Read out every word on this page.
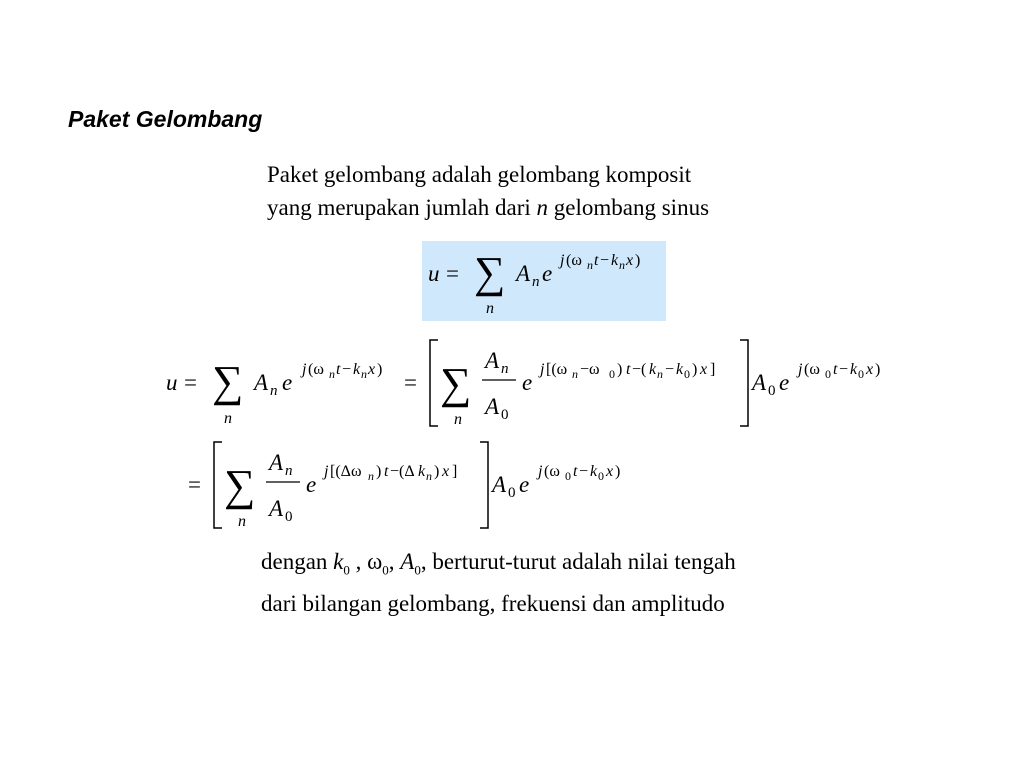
Paket Gelombang
Paket gelombang adalah gelombang komposit
yang merupakan jumlah dari n gelombang sinus
u = ∑ A n e
n
j (ω n t − k n x )
u = ∑ A n e
n
j (ω n t − k n x )
= ∑
n
A n
A 0
e
j [(ω n −ω 0 ) t −( k n − k 0 ) x ]
A 0 e
j (ω 0 t − k 0 x )
= ∑
n
A n
A 0
e
j [(Δω n ) t −(Δ k n ) x ]
A 0 e
j (ω 0 t − k 0 x )
dengan $k_0$ , $\omega_0$, $A_0$, berturut-turut adalah nilai tengah
dari bilangan gelombang, frekuensi dan amplitudo
